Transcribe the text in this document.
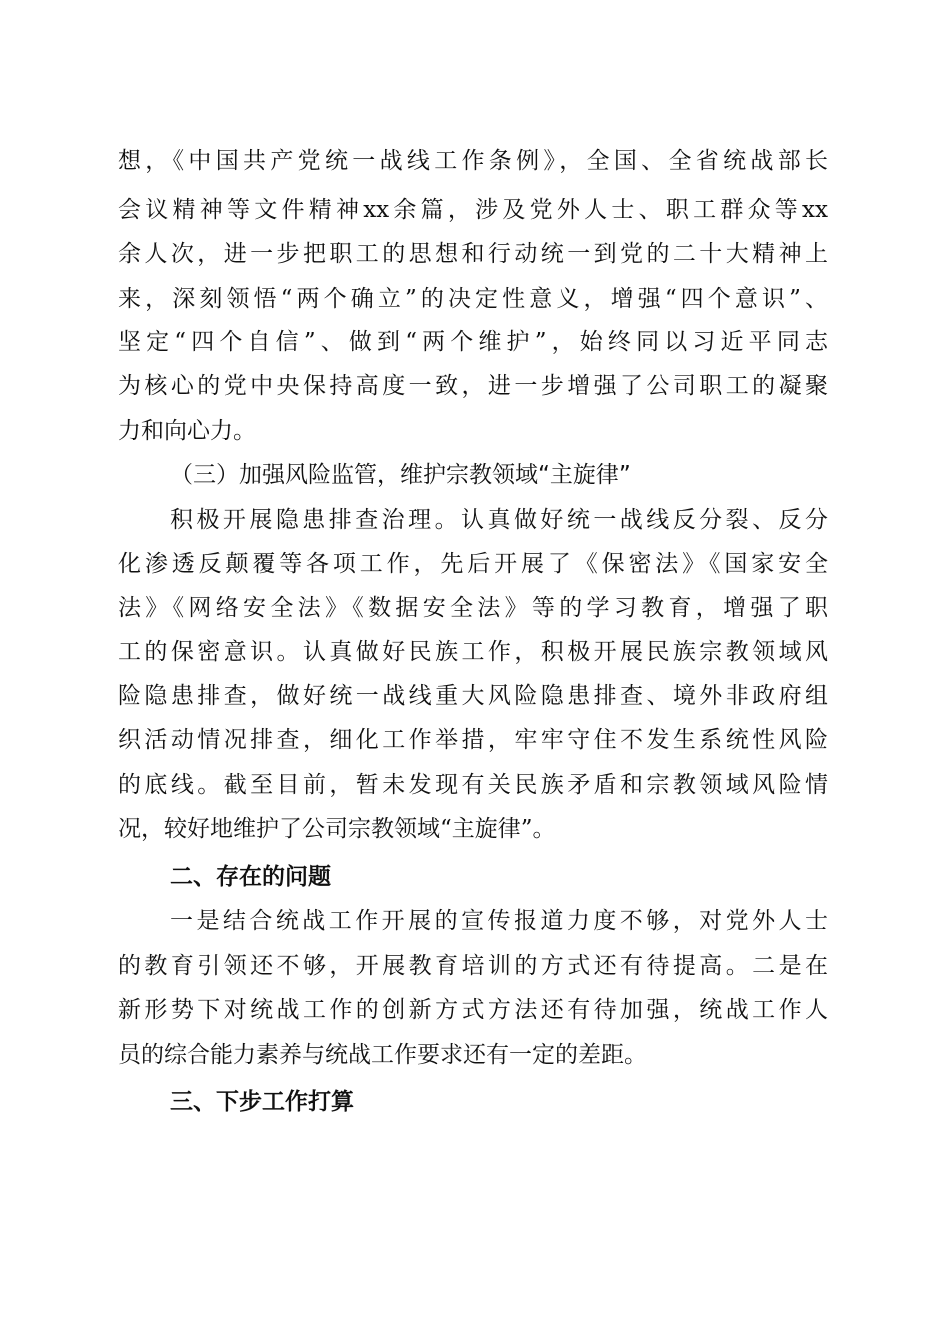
想，《中国共产党统一战线工作条例》，全国、全省统战部长
会议精神等文件精神xx余篇，涉及党外人士、职工群众等xx
余人次，进一步把职工的思想和行动统一到党的二十大精神上
来，深刻领悟“两个确立”的决定性意义，增强“四个意识”、
坚定“四个自信”、做到“两个维护”，始终同以习近平同志
为核心的党中央保持高度一致，进一步增强了公司职工的凝聚
力和向心力。
（三）加强风险监管，维护宗教领域“主旋律”
积极开展隐患排查治理。认真做好统一战线反分裂、反分
化渗透反颠覆等各项工作，先后开展了《保密法》《国家安全
法》《网络安全法》《数据安全法》等的学习教育，增强了职
工的保密意识。认真做好民族工作，积极开展民族宗教领域风
险隐患排查，做好统一战线重大风险隐患排查、境外非政府组
织活动情况排查，细化工作举措，牢牢守住不发生系统性风险
的底线。截至目前，暂未发现有关民族矛盾和宗教领域风险情
况，较好地维护了公司宗教领域“主旋律”。
二、存在的问题
一是结合统战工作开展的宣传报道力度不够，对党外人士
的教育引领还不够，开展教育培训的方式还有待提高。二是在
新形势下对统战工作的创新方式方法还有待加强，统战工作人
员的综合能力素养与统战工作要求还有一定的差距。
三、下步工作打算
